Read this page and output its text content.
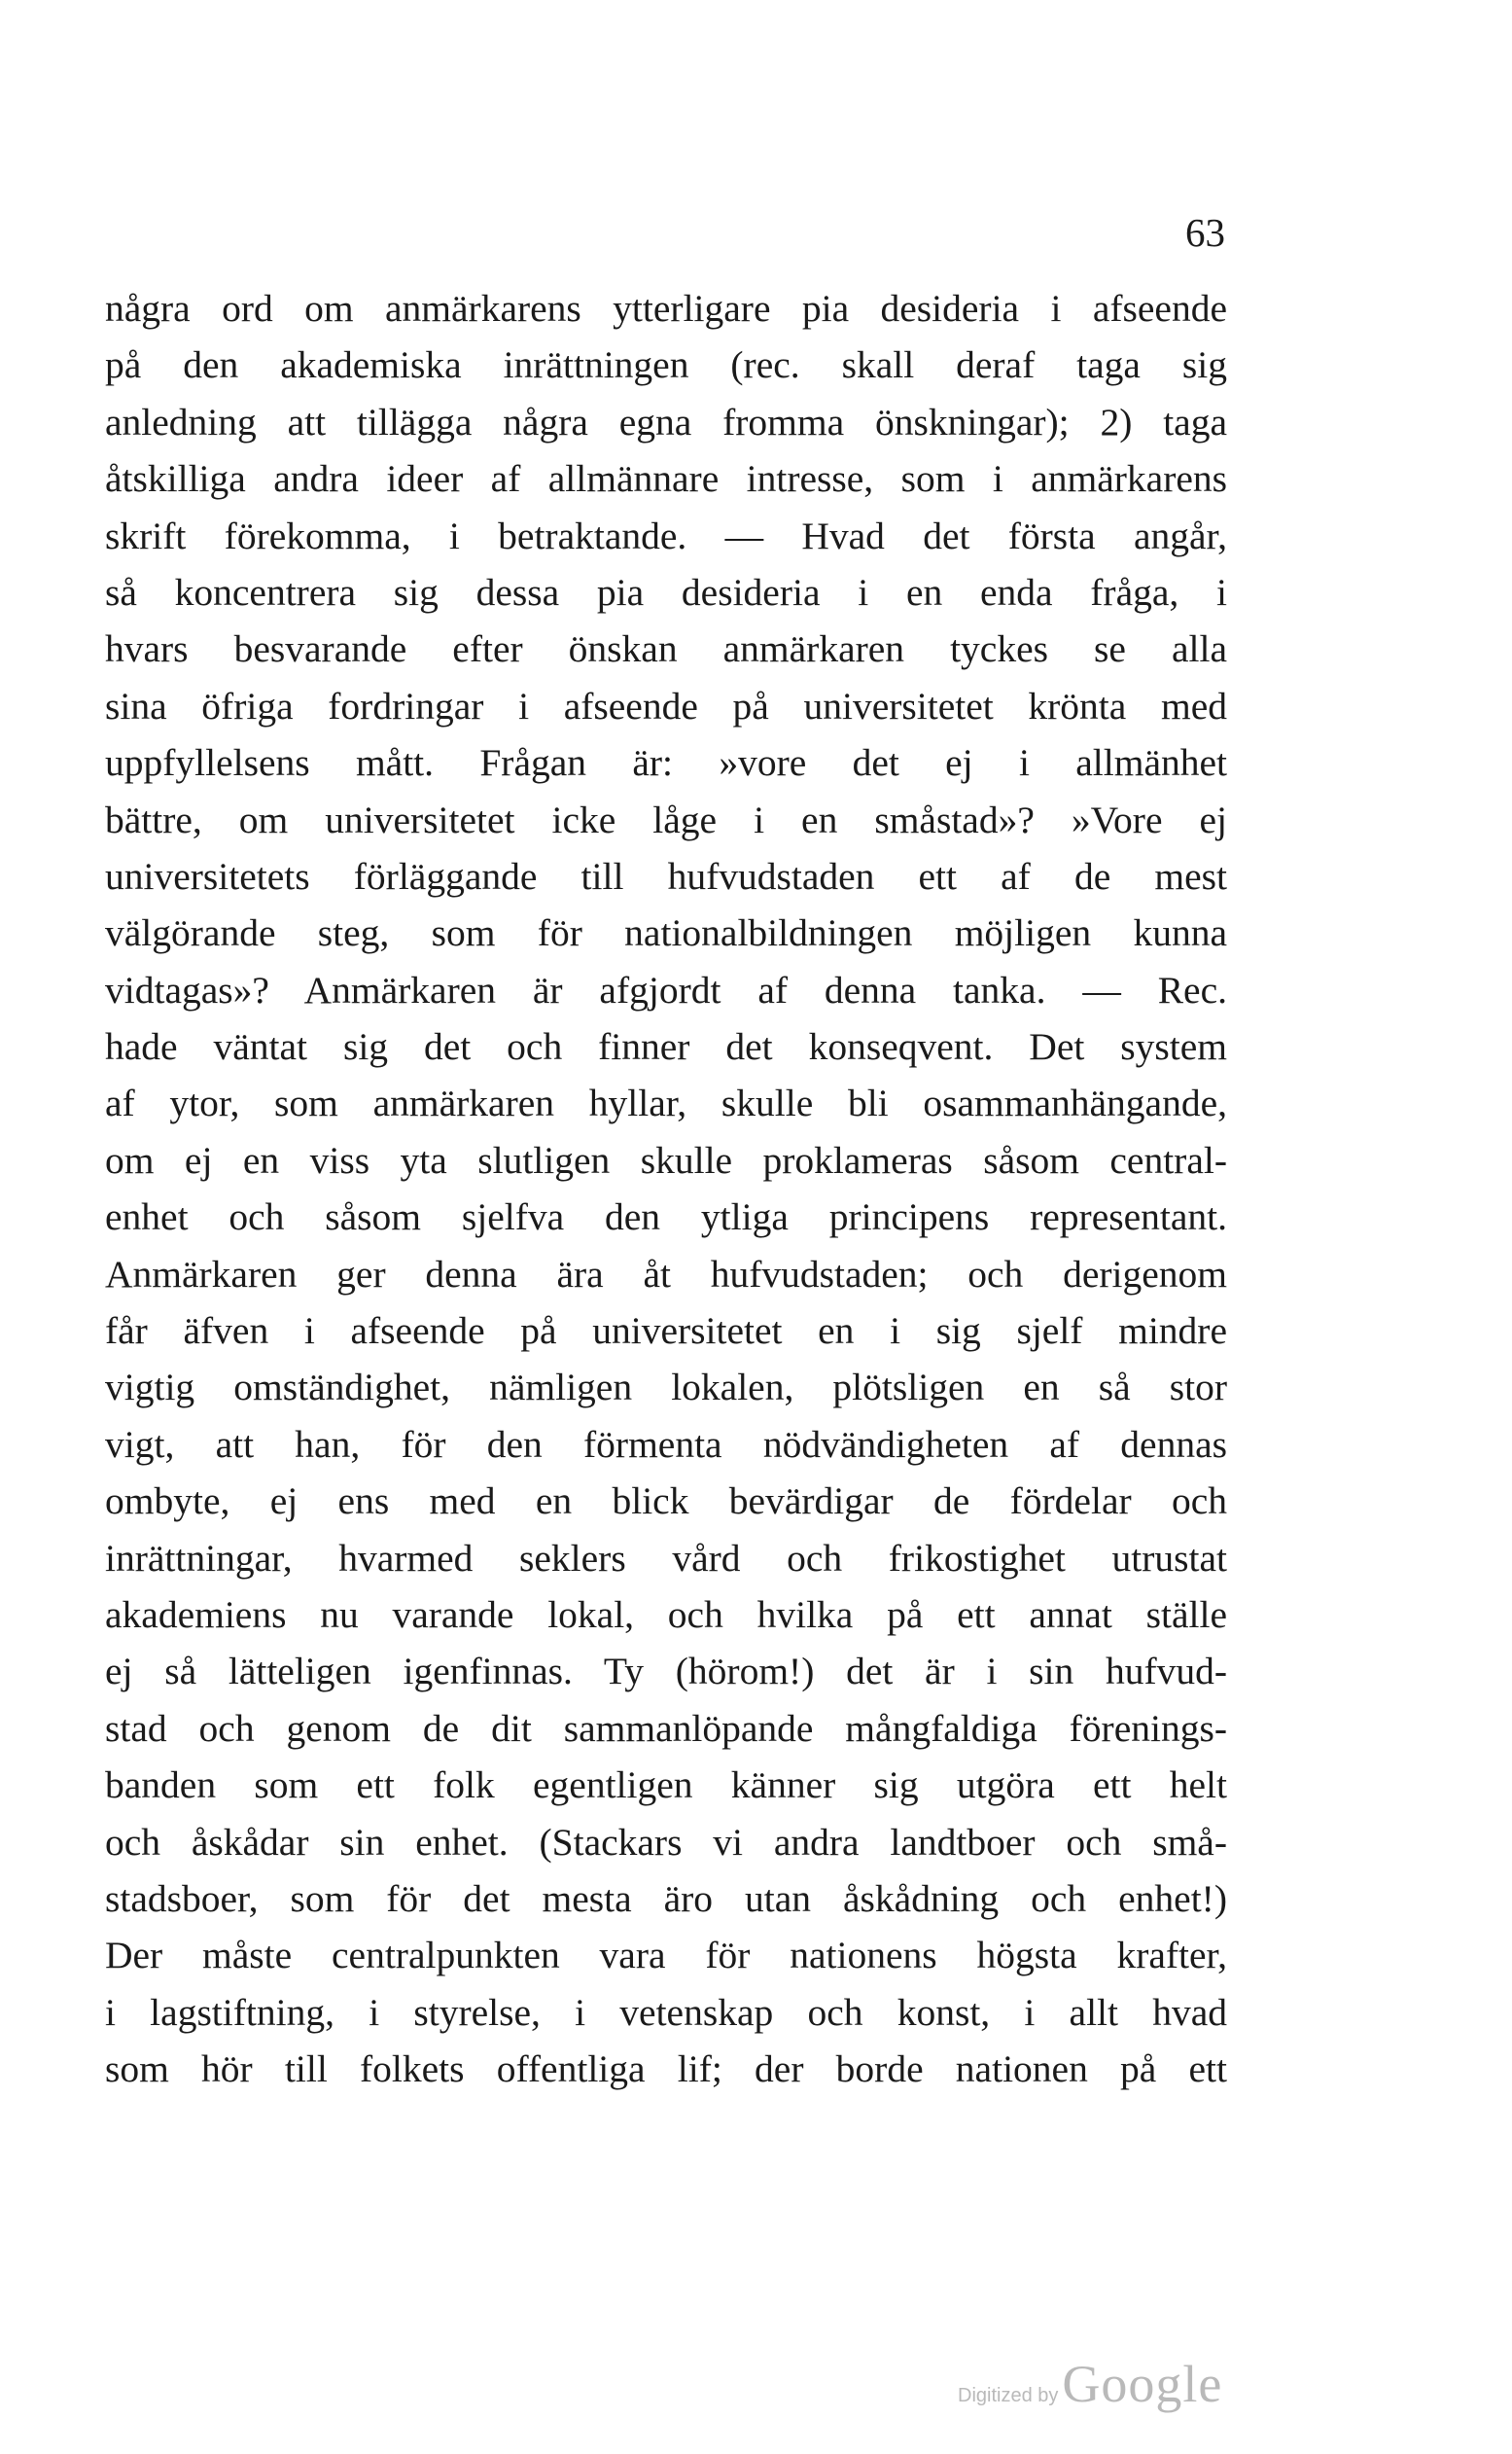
63
några ord om anmärkarens ytterligare pia desideria i afseende
på den akademiska inrättningen (rec. skall deraf taga sig
anledning att tillägga några egna fromma önskningar); 2) taga
åtskilliga andra ideer af allmännare intresse, som i anmärkarens
skrift förekomma, i betraktande. — Hvad det första angår,
så koncentrera sig dessa pia desideria i en enda fråga, i
hvars besvarande efter önskan anmärkaren tyckes se alla
sina öfriga fordringar i afseende på universitetet krönta med
uppfyllelsens mått. Frågan är: »vore det ej i allmänhet
bättre, om universitetet icke låge i en småstad»? »Vore ej
universitetets förläggande till hufvudstaden ett af de mest
välgörande steg, som för nationalbildningen möjligen kunna
vidtagas»? Anmärkaren är afgjordt af denna tanka. — Rec.
hade väntat sig det och finner det konseqvent. Det system
af ytor, som anmärkaren hyllar, skulle bli osammanhängande,
om ej en viss yta slutligen skulle proklameras såsom central-
enhet och såsom sjelfva den ytliga principens representant.
Anmärkaren ger denna ära åt hufvudstaden; och derigenom
får äfven i afseende på universitetet en i sig sjelf mindre
vigtig omständighet, nämligen lokalen, plötsligen en så stor
vigt, att han, för den förmenta nödvändigheten af dennas
ombyte, ej ens med en blick bevärdigar de fördelar och
inrättningar, hvarmed seklers vård och frikostighet utrustat
akademiens nu varande lokal, och hvilka på ett annat ställe
ej så lätteligen igenfinnas. Ty (hörom!) det är i sin hufvud-
stad och genom de dit sammanlöpande mångfaldiga förenings-
banden som ett folk egentligen känner sig utgöra ett helt
och åskådar sin enhet. (Stackars vi andra landtboer och små-
stadsboer, som för det mesta äro utan åskådning och enhet!)
Der måste centralpunkten vara för nationens högsta krafter,
i lagstiftning, i styrelse, i vetenskap och konst, i allt hvad
som hör till folkets offentliga lif; der borde nationen på ett
Digitized by Google
